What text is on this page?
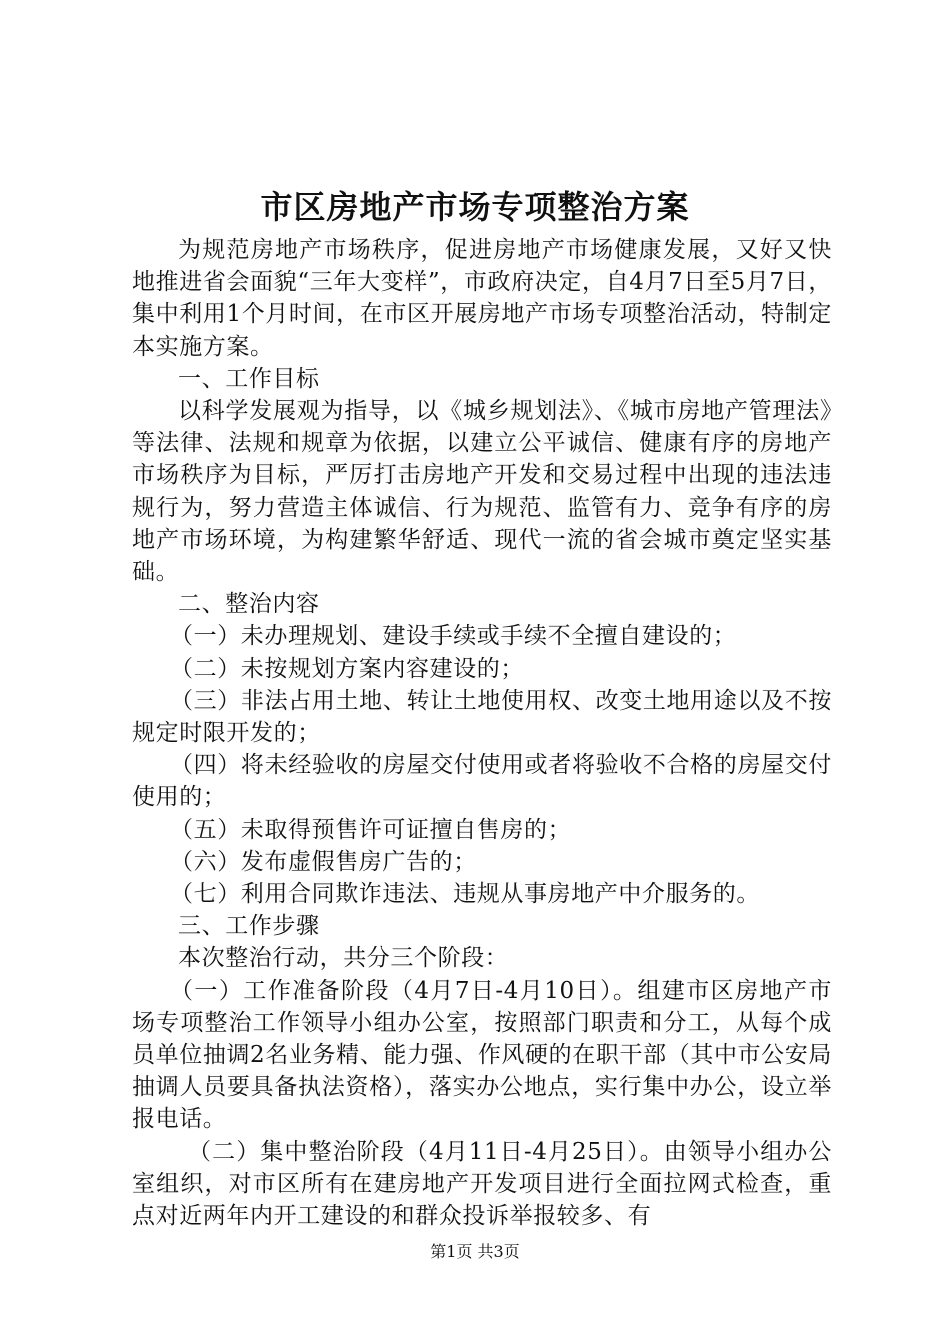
市区房地产市场专项整治方案

为规范房地产市场秩序，促进房地产市场健康发展，又好又快地推进省会面貌“三年大变样”，市政府决定，自4月7日至5月7日，集中利用1个月时间，在市区开展房地产市场专项整治活动，特制定本实施方案。

一、工作目标

以科学发展观为指导，以《城乡规划法》、《城市房地产管理法》等法律、法规和规章为依据，以建立公平诚信、健康有序的房地产市场秩序为目标，严厉打击房地产开发和交易过程中出现的违法违规行为，努力营造主体诚信、行为规范、监管有力、竞争有序的房地产市场环境，为构建繁华舒适、现代一流的省会城市奠定坚实基础。

二、整治内容

（一）未办理规划、建设手续或手续不全擅自建设的；

（二）未按规划方案内容建设的；

（三）非法占用土地、转让土地使用权、改变土地用途以及不按规定时限开发的；

（四）将未经验收的房屋交付使用或者将验收不合格的房屋交付使用的；

（五）未取得预售许可证擅自售房的；

（六）发布虚假售房广告的；

（七）利用合同欺诈违法、违规从事房地产中介服务的。

三、工作步骤

本次整治行动，共分三个阶段：

（一）工作准备阶段（4月7日-4月10日）。组建市区房地产市场专项整治工作领导小组办公室，按照部门职责和分工，从每个成员单位抽调2名业务精、能力强、作风硬的在职干部（其中市公安局抽调人员要具备执法资格），落实办公地点，实行集中办公，设立举报电话。

（二）集中整治阶段（4月11日-4月25日）。由领导小组办公室组织，对市区所有在建房地产开发项目进行全面拉网式检查，重点对近两年内开工建设的和群众投诉举报较多、有

第1页 共3页
